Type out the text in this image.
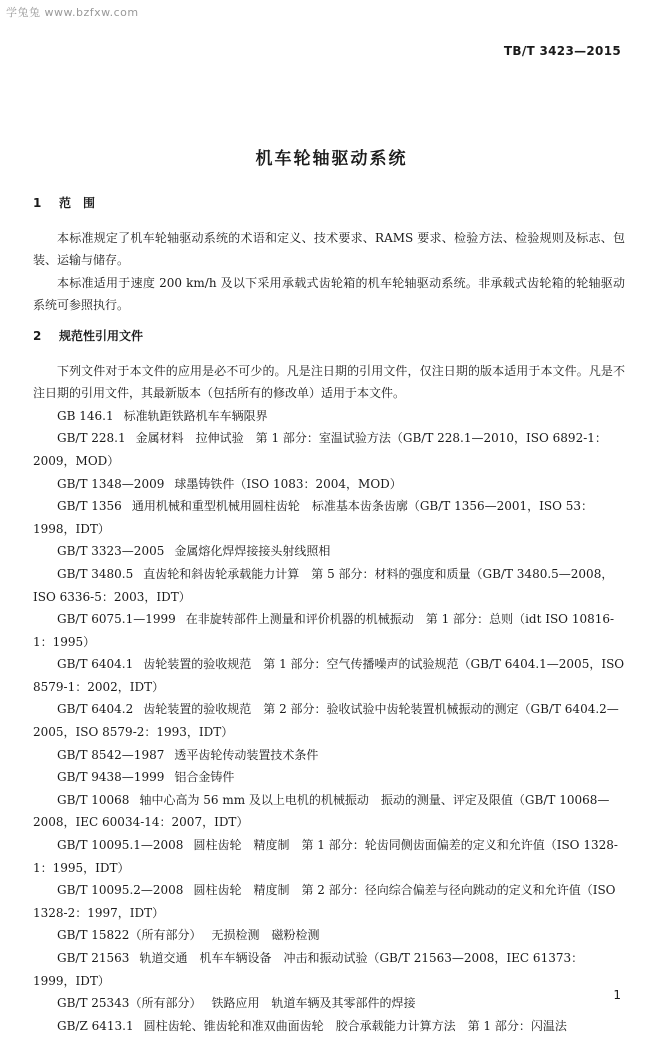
学兔兔 www.bzfxw.com
TB/T 3423—2015
机车轮轴驱动系统
1 范　围

本标准规定了机车轮轴驱动系统的术语和定义、技术要求、RAMS 要求、检验方法、检验规则及标志、包装、运输与储存。

本标准适用于速度 200 km/h 及以下采用承载式齿轮箱的机车轮轴驱动系统。非承载式齿轮箱的轮轴驱动系统可参照执行。

2 规范性引用文件

下列文件对于本文件的应用是必不可少的。凡是注日期的引用文件，仅注日期的版本适用于本文件。凡是不注日期的引用文件，其最新版本（包括所有的修改单）适用于本文件。

GB 146.1 标准轨距铁路机车车辆限界

GB/T 228.1 金属材料　拉伸试验　第 1 部分：室温试验方法（GB/T 228.1—2010，ISO 6892-1：2009，MOD）

GB/T 1348—2009 球墨铸铁件（ISO 1083：2004，MOD）

GB/T 1356 通用机械和重型机械用圆柱齿轮　标准基本齿条齿廓（GB/T 1356—2001，ISO 53：1998，IDT）

GB/T 3323—2005 金属熔化焊焊接接头射线照相

GB/T 3480.5 直齿轮和斜齿轮承载能力计算　第 5 部分：材料的强度和质量（GB/T 3480.5—2008，ISO 6336-5：2003，IDT）

GB/T 6075.1—1999 在非旋转部件上测量和评价机器的机械振动　第 1 部分：总则（idt ISO 10816-1：1995）

GB/T 6404.1 齿轮装置的验收规范　第 1 部分：空气传播噪声的试验规范（GB/T 6404.1—2005，ISO 8579-1：2002，IDT）

GB/T 6404.2 齿轮装置的验收规范　第 2 部分：验收试验中齿轮装置机械振动的测定（GB/T 6404.2—2005，ISO 8579-2：1993，IDT）

GB/T 8542—1987 透平齿轮传动装置技术条件

GB/T 9438—1999 铝合金铸件

GB/T 10068 轴中心高为 56 mm 及以上电机的机械振动　振动的测量、评定及限值（GB/T 10068—2008，IEC 60034-14：2007，IDT）

GB/T 10095.1—2008 圆柱齿轮　精度制　第 1 部分：轮齿同侧齿面偏差的定义和允许值（ISO 1328-1：1995，IDT）

GB/T 10095.2—2008 圆柱齿轮　精度制　第 2 部分：径向综合偏差与径向跳动的定义和允许值（ISO 1328-2：1997，IDT）

GB/T 15822（所有部分） 无损检测　磁粉检测

GB/T 21563 轨道交通　机车车辆设备　冲击和振动试验（GB/T 21563—2008，IEC 61373：1999，IDT）

GB/T 25343（所有部分） 铁路应用　轨道车辆及其零部件的焊接

GB/Z 6413.1 圆柱齿轮、锥齿轮和准双曲面齿轮　胶合承载能力计算方法　第 1 部分：闪温法

1
